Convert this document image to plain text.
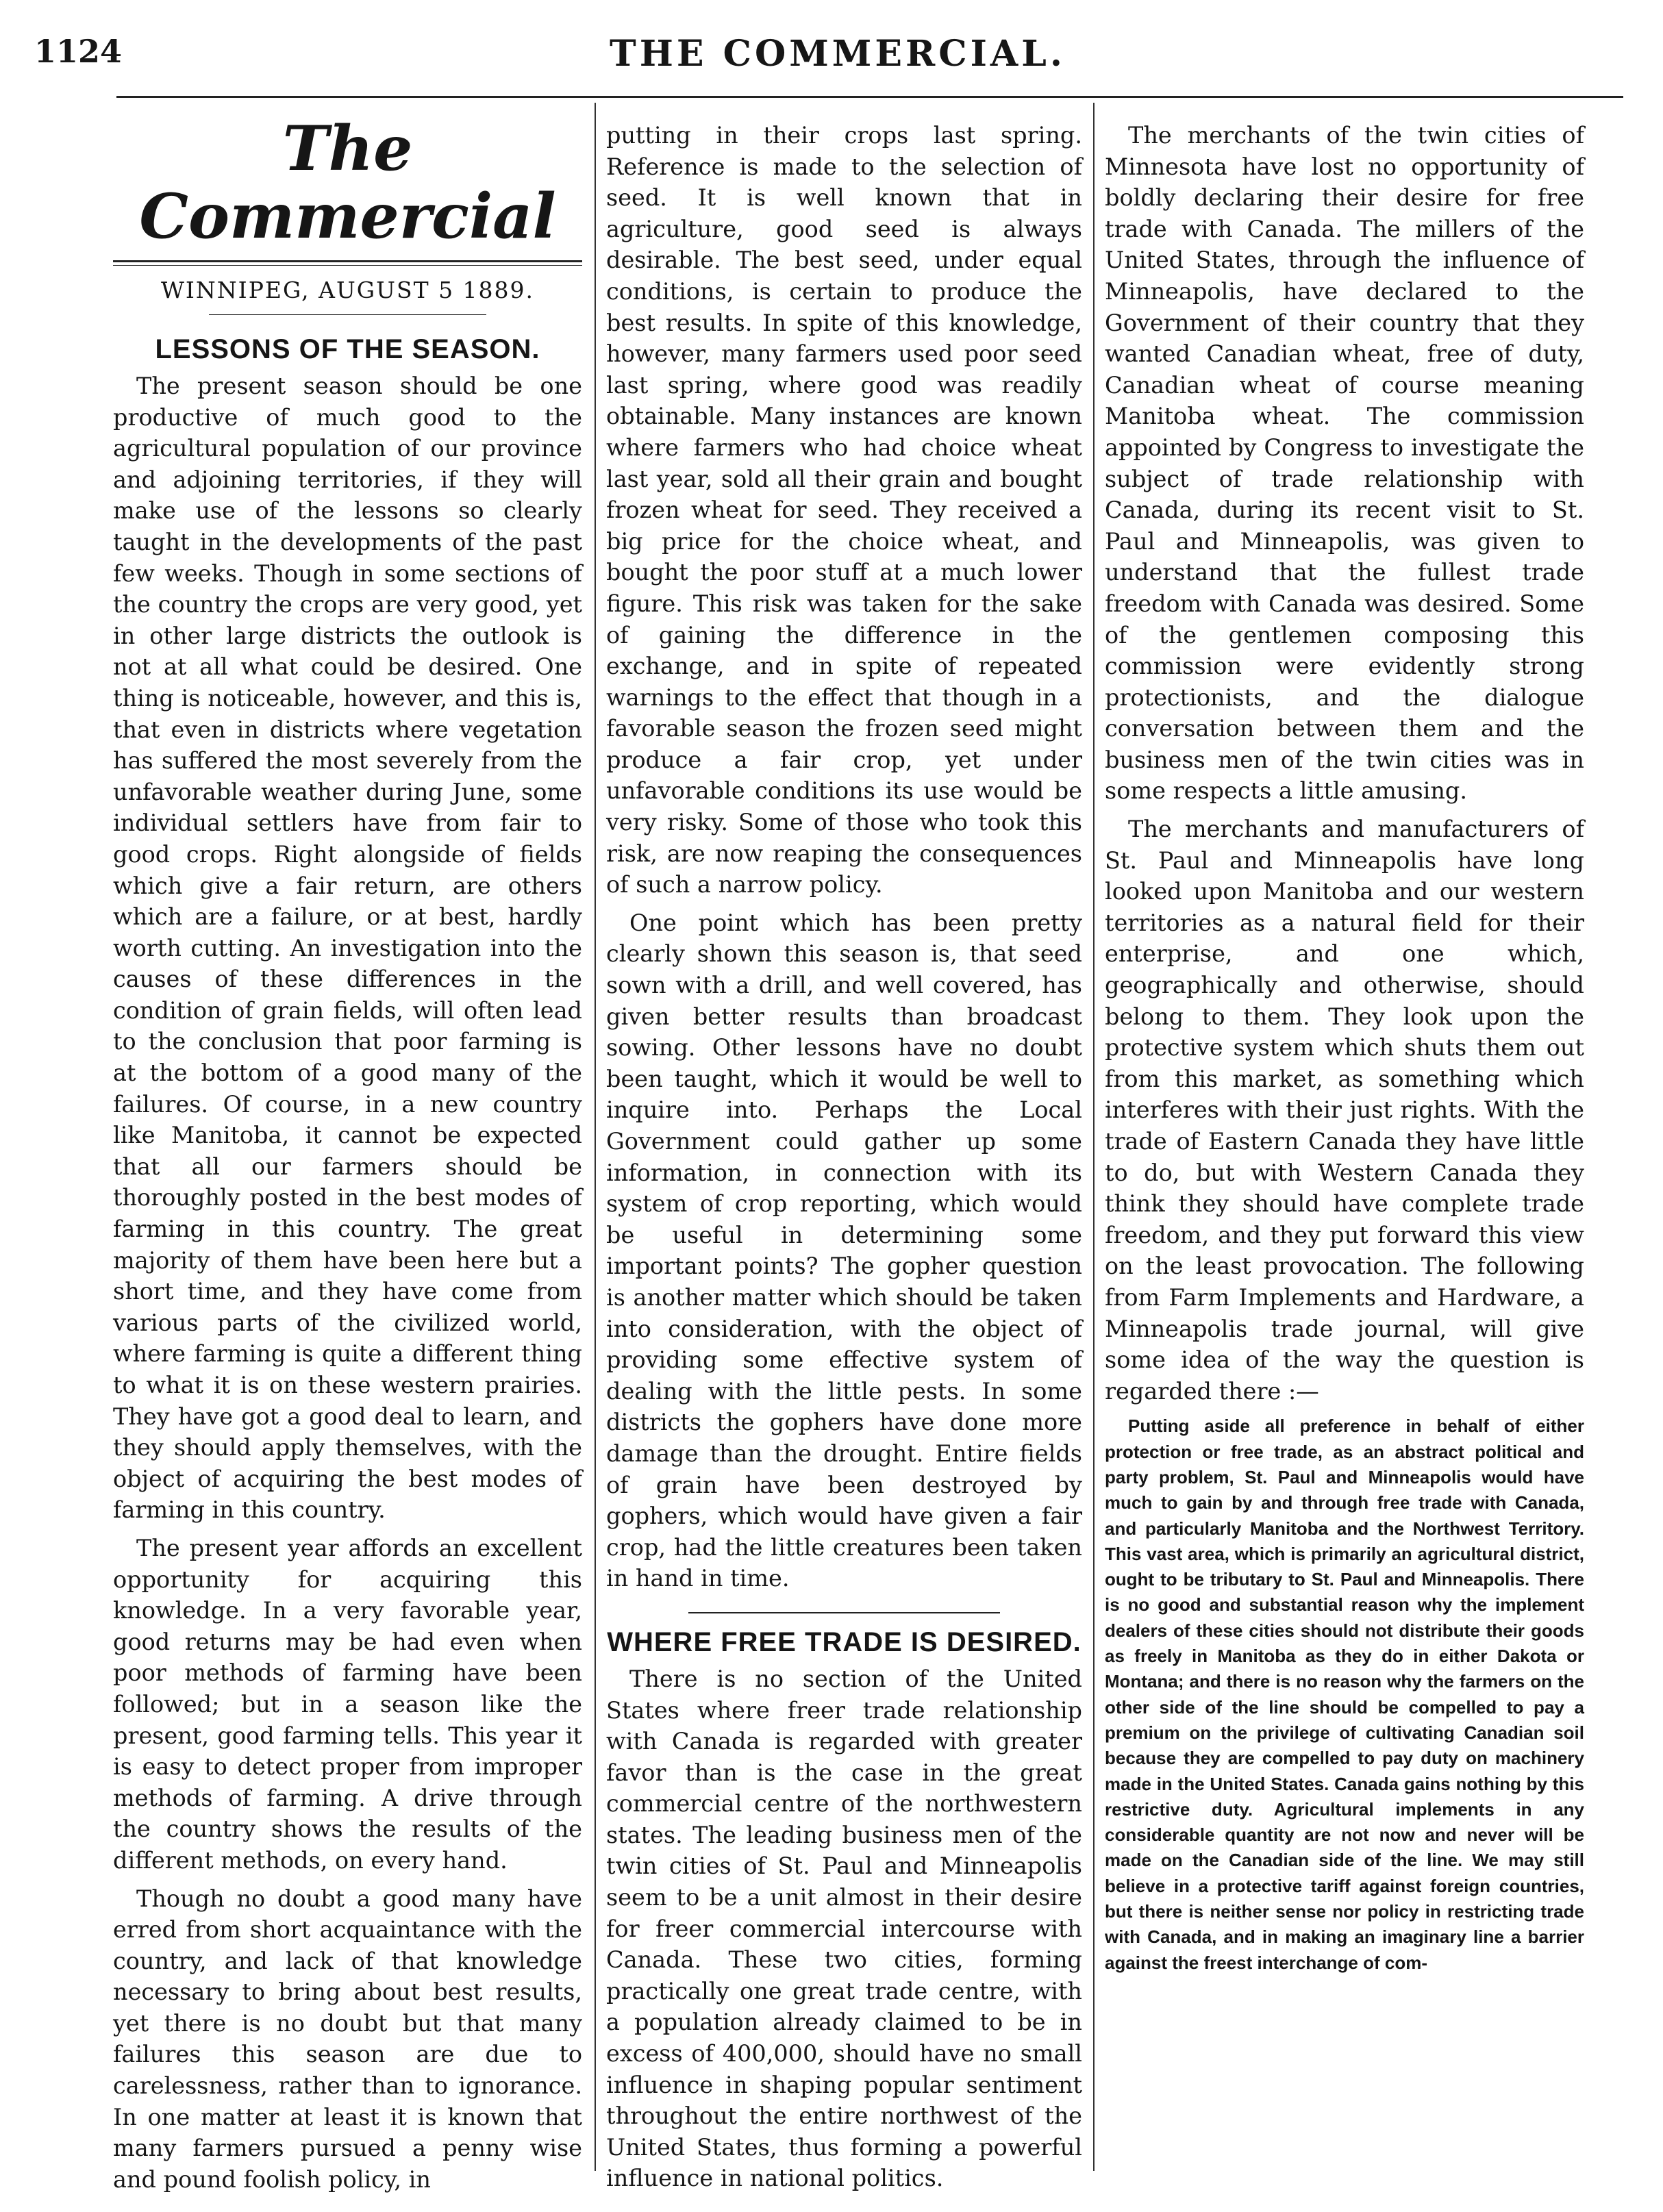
1124	THE COMMERCIAL.
The Commercial
WINNIPEG, AUGUST 5 1889.
LESSONS OF THE SEASON.

The present season should be one productive of much good to the agricultural population of our province and adjoining territories, if they will make use of the lessons so clearly taught in the developments of the past few weeks. Though in some sections of the country the crops are very good, yet in other large districts the outlook is not at all what could be desired. One thing is noticeable, however, and this is, that even in districts where vegetation has suffered the most severely from the unfavorable weather during June, some individual settlers have from fair to good crops. Right alongside of fields which give a fair return, are others which are a failure, or at best, hardly worth cutting. An investigation into the causes of these differences in the condition of grain fields, will often lead to the conclusion that poor farming is at the bottom of a good many of the failures. Of course, in a new country like Manitoba, it cannot be expected that all our farmers should be thoroughly posted in the best modes of farming in this country. The great majority of them have been here but a short time, and they have come from various parts of the civilized world, where farming is quite a different thing to what it is on these western prairies. They have got a good deal to learn, and they should apply themselves, with the object of acquiring the best modes of farming in this country.

The present year affords an excellent opportunity for acquiring this knowledge. In a very favorable year, good returns may be had even when poor methods of farming have been followed; but in a season like the present, good farming tells. This year it is easy to detect proper from improper methods of farming. A drive through the country shows the results of the different methods, on every hand.

Though no doubt a good many have erred from short acquaintance with the country, and lack of that knowledge necessary to bring about best results, yet there is no doubt but that many failures this season are due to carelessness, rather than to ignorance. In one matter at least it is known that many farmers pursued a penny wise and pound foolish policy, in

putting in their crops last spring. Reference is made to the selection of seed. It is well known that in agriculture, good seed is always desirable. The best seed, under equal conditions, is certain to produce the best results. In spite of this knowledge, however, many farmers used poor seed last spring, where good was readily obtainable. Many instances are known where farmers who had choice wheat last year, sold all their grain and bought frozen wheat for seed. They received a big price for the choice wheat, and bought the poor stuff at a much lower figure. This risk was taken for the sake of gaining the difference in the exchange, and in spite of repeated warnings to the effect that though in a favorable season the frozen seed might produce a fair crop, yet under unfavorable conditions its use would be very risky. Some of those who took this risk, are now reaping the consequences of such a narrow policy.

One point which has been pretty clearly shown this season is, that seed sown with a drill, and well covered, has given better results than broadcast sowing. Other lessons have no doubt been taught, which it would be well to inquire into. Perhaps the Local Government could gather up some information, in connection with its system of crop reporting, which would be useful in determining some important points? The gopher question is another matter which should be taken into consideration, with the object of providing some effective system of dealing with the little pests. In some districts the gophers have done more damage than the drought. Entire fields of grain have been destroyed by gophers, which would have given a fair crop, had the little creatures been taken in hand in time.

WHERE FREE TRADE IS DESIRED.

There is no section of the United States where freer trade relationship with Canada is regarded with greater favor than is the case in the great commercial centre of the northwestern states. The leading business men of the twin cities of St. Paul and Minneapolis seem to be a unit almost in their desire for freer commercial intercourse with Canada. These two cities, forming practically one great trade centre, with a population already claimed to be in excess of 400,000, should have no small influence in shaping popular sentiment throughout the entire northwest of the United States, thus forming a powerful influence in national politics.

The merchants of the twin cities of Minnesota have lost no opportunity of boldly declaring their desire for free trade with Canada. The millers of the United States, through the influence of Minneapolis, have declared to the Government of their country that they wanted Canadian wheat, free of duty, Canadian wheat of course meaning Manitoba wheat. The commission appointed by Congress to investigate the subject of trade relationship with Canada, during its recent visit to St. Paul and Minneapolis, was given to understand that the fullest trade freedom with Canada was desired. Some of the gentlemen composing this commission were evidently strong protectionists, and the dialogue conversation between them and the business men of the twin cities was in some respects a little amusing.

The merchants and manufacturers of St. Paul and Minneapolis have long looked upon Manitoba and our western territories as a natural field for their enterprise, and one which, geographically and otherwise, should belong to them. They look upon the protective system which shuts them out from this market, as something which interferes with their just rights. With the trade of Eastern Canada they have little to do, but with Western Canada they think they should have complete trade freedom, and they put forward this view on the least provocation. The following from Farm Implements and Hardware, a Minneapolis trade journal, will give some idea of the way the question is regarded there :—

Putting aside all preference in behalf of either protection or free trade, as an abstract political and party problem, St. Paul and Minneapolis would have much to gain by and through free trade with Canada, and particularly Manitoba and the Northwest Territory. This vast area, which is primarily an agricultural district, ought to be tributary to St. Paul and Minneapolis. There is no good and substantial reason why the implement dealers of these cities should not distribute their goods as freely in Manitoba as they do in either Dakota or Montana; and there is no reason why the farmers on the other side of the line should be compelled to pay a premium on the privilege of cultivating Canadian soil because they are compelled to pay duty on machinery made in the United States. Canada gains nothing by this restrictive duty. Agricultural implements in any considerable quantity are not now and never will be made on the Canadian side of the line. We may still believe in a protective tariff against foreign countries, but there is neither sense nor policy in restricting trade with Canada, and in making an imaginary line a barrier against the freest interchange of com-
